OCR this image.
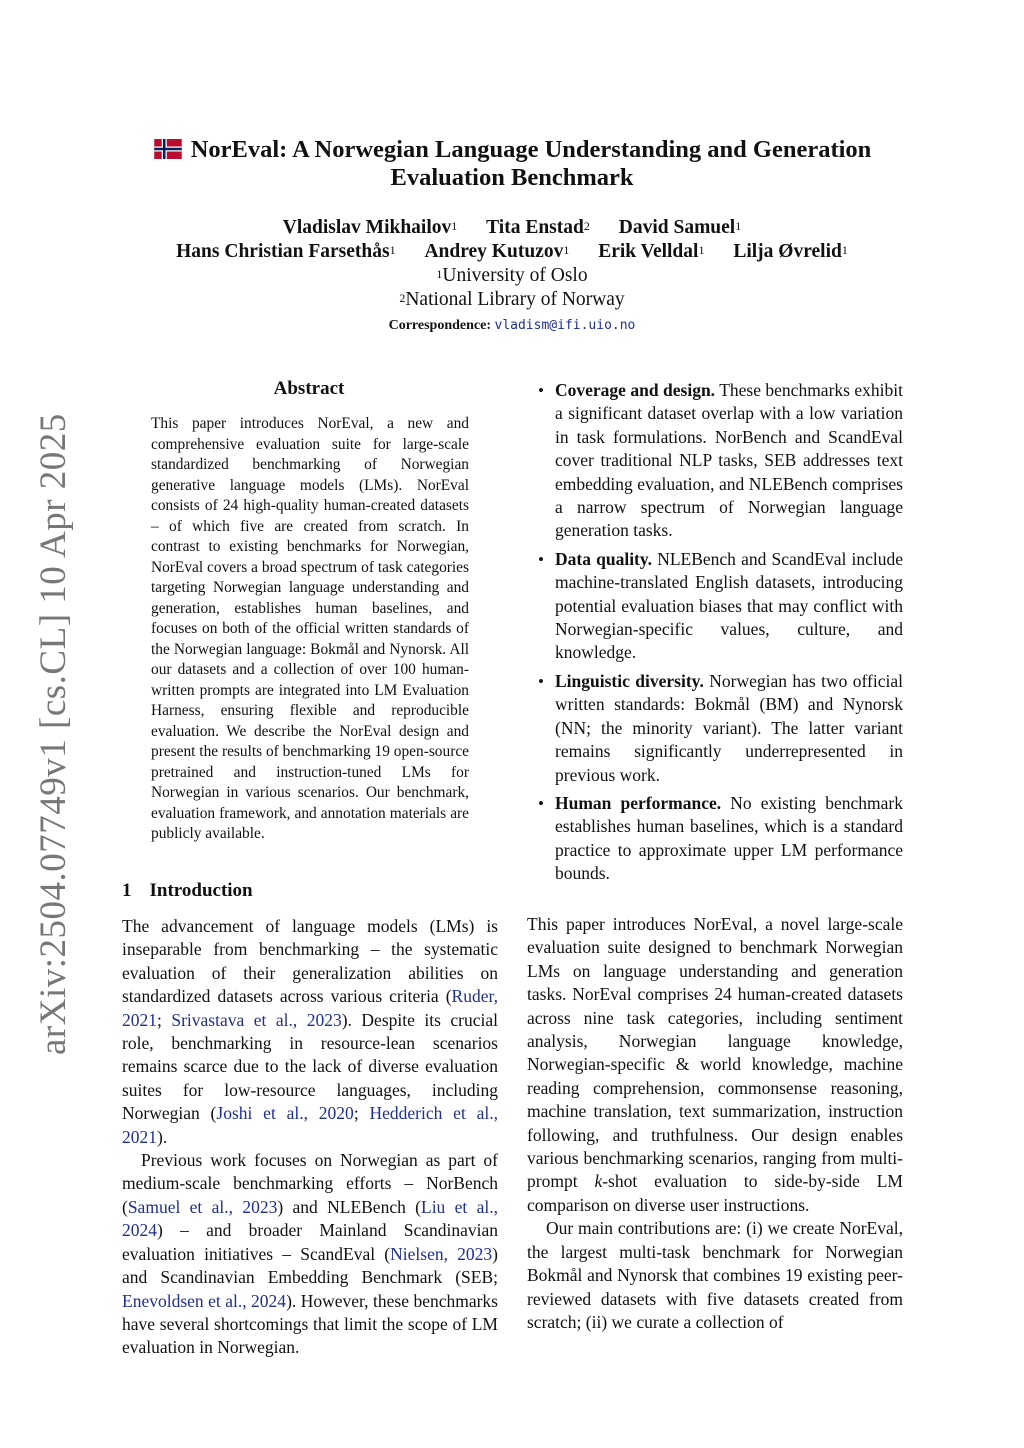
arXiv:2504.07749v1 [cs.CL] 10 Apr 2025
NorEval: A Norwegian Language Understanding and Generation
Evaluation Benchmark
Vladislav Mikhailov$^1$ Tita Enstad$^2$ David Samuel$^1$
Hans Christian Farsethås$^1$ Andrey Kutuzov$^1$ Erik Velldal$^1$ Lilja Øvrelid$^1$
$^1$University of Oslo
$^2$National Library of Norway
Correspondence: vladism@ifi.uio.no
Abstract
This paper introduces NorEval, a new and comprehensive evaluation suite for large-scale standardized benchmarking of Norwegian generative language models (LMs). NorEval consists of 24 high-quality human-created datasets – of which five are created from scratch. In contrast to existing benchmarks for Norwegian, NorEval covers a broad spectrum of task categories targeting Norwegian language understanding and generation, establishes human baselines, and focuses on both of the official written standards of the Norwegian language: Bokmål and Nynorsk. All our datasets and a collection of over 100 human-written prompts are integrated into LM Evaluation Harness, ensuring flexible and reproducible evaluation. We describe the NorEval design and present the results of benchmarking 19 open-source pretrained and instruction-tuned LMs for Norwegian in various scenarios. Our benchmark, evaluation framework, and annotation materials are publicly available.
1 Introduction

The advancement of language models (LMs) is inseparable from benchmarking – the systematic evaluation of their generalization abilities on standardized datasets across various criteria (Ruder, 2021; Srivastava et al., 2023). Despite its crucial role, benchmarking in resource-lean scenarios remains scarce due to the lack of diverse evaluation suites for low-resource languages, including Norwegian (Joshi et al., 2020; Hedderich et al., 2021).

Previous work focuses on Norwegian as part of medium-scale benchmarking efforts – NorBench (Samuel et al., 2023) and NLEBench (Liu et al., 2024) – and broader Mainland Scandinavian evaluation initiatives – ScandEval (Nielsen, 2023) and Scandinavian Embedding Benchmark (SEB; Enevoldsen et al., 2024). However, these benchmarks have several shortcomings that limit the scope of LM evaluation in Norwegian.

• Coverage and design. These benchmarks exhibit a significant dataset overlap with a low variation in task formulations. NorBench and ScandEval cover traditional NLP tasks, SEB addresses text embedding evaluation, and NLEBench comprises a narrow spectrum of Norwegian language generation tasks.
• Data quality. NLEBench and ScandEval include machine-translated English datasets, introducing potential evaluation biases that may conflict with Norwegian-specific values, culture, and knowledge.
• Linguistic diversity. Norwegian has two official written standards: Bokmål (BM) and Nynorsk (NN; the minority variant). The latter variant remains significantly underrepresented in previous work.
• Human performance. No existing benchmark establishes human baselines, which is a standard practice to approximate upper LM performance bounds.

This paper introduces NorEval, a novel large-scale evaluation suite designed to benchmark Norwegian LMs on language understanding and generation tasks. NorEval comprises 24 human-created datasets across nine task categories, including sentiment analysis, Norwegian language knowledge, Norwegian-specific & world knowledge, machine reading comprehension, commonsense reasoning, machine translation, text summarization, instruction following, and truthfulness. Our design enables various benchmarking scenarios, ranging from multi-prompt k-shot evaluation to side-by-side LM comparison on diverse user instructions.

Our main contributions are: (i) we create NorEval, the largest multi-task benchmark for Norwegian Bokmål and Nynorsk that combines 19 existing peer-reviewed datasets with five datasets created from scratch; (ii) we curate a collection of
